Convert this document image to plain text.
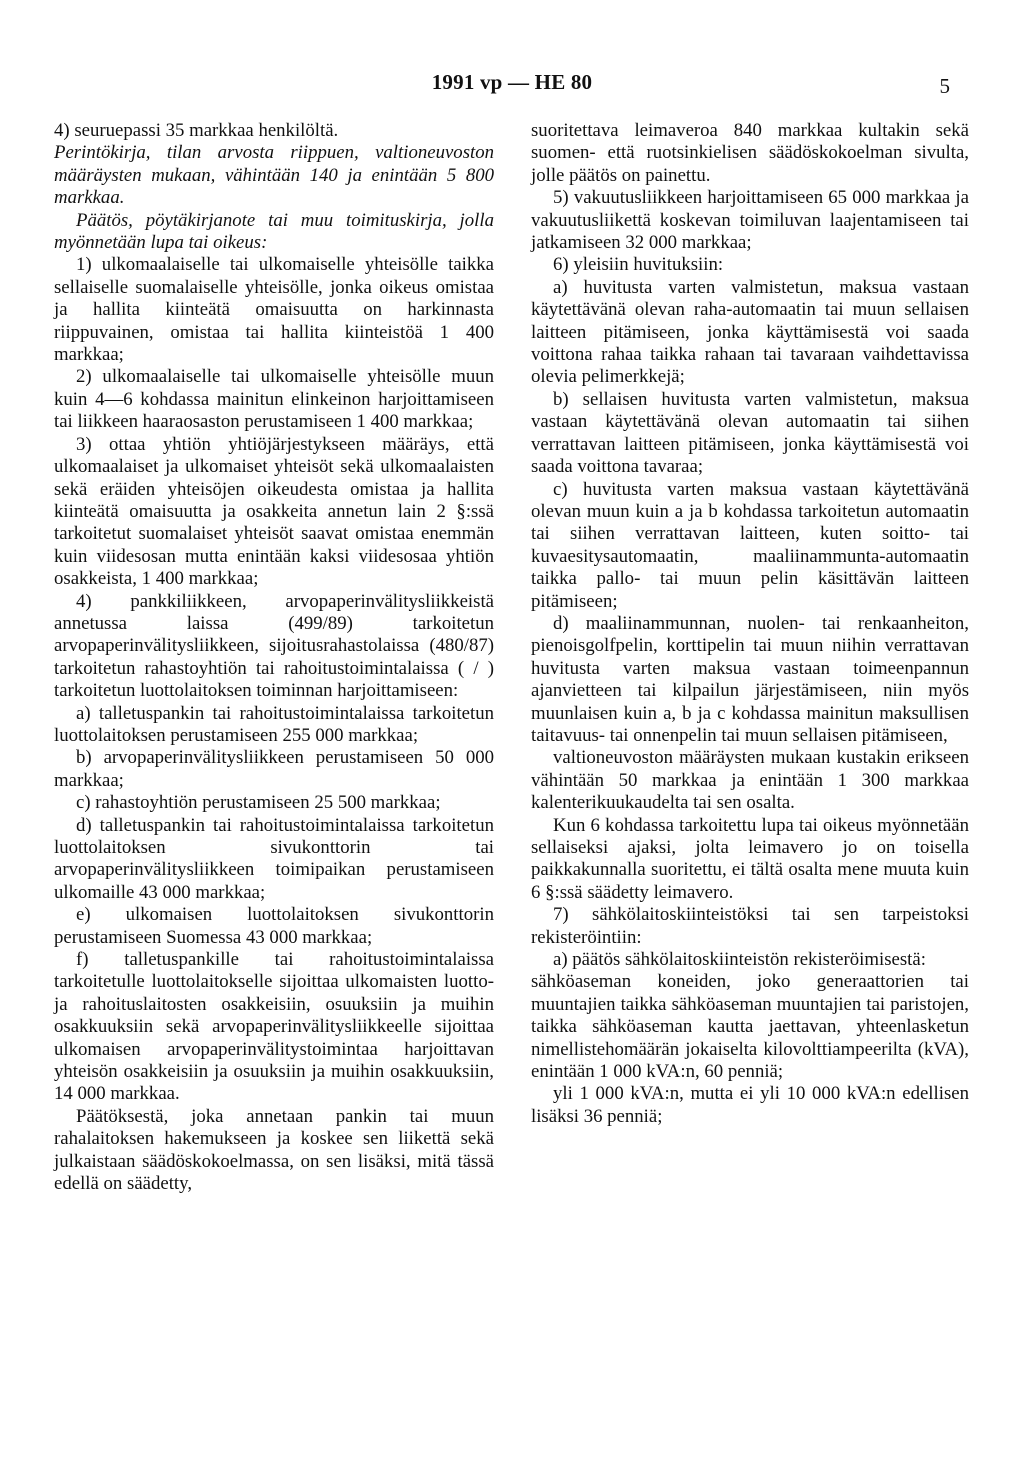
1991 vp — HE 80	5

4) seuruepassi 35 markkaa henkilöltä.

Perintökirja, tilan arvosta riippuen, valtioneuvoston määräysten mukaan, vähintään 140 ja enintään 5 800 markkaa.

Päätös, pöytäkirjanote tai muu toimituskirja, jolla myönnetään lupa tai oikeus:

1) ulkomaalaiselle tai ulkomaiselle yhteisölle taikka sellaiselle suomalaiselle yhteisölle, jonka oikeus omistaa ja hallita kiinteätä omaisuutta on harkinnasta riippuvainen, omistaa tai hallita kiinteistöä 1 400 markkaa;

2) ulkomaalaiselle tai ulkomaiselle yhteisölle muun kuin 4—6 kohdassa mainitun elinkeinon harjoittamiseen tai liikkeen haaraosaston perustamiseen 1 400 markkaa;

3) ottaa yhtiön yhtiöjärjestykseen määräys, että ulkomaalaiset ja ulkomaiset yhteisöt sekä ulkomaalaisten sekä eräiden yhteisöjen oikeudesta omistaa ja hallita kiinteätä omaisuutta ja osakkeita annetun lain 2 §:ssä tarkoitetut suomalaiset yhteisöt saavat omistaa enemmän kuin viidesosan mutta enintään kaksi viidesosaa yhtiön osakkeista, 1 400 markkaa;

4) pankkiliikkeen, arvopaperinvälitysliikkeistä annetussa laissa (499/89) tarkoitetun arvopaperinvälitysliikkeen, sijoitusrahastolaissa (480/87) tarkoitetun rahastoyhtiön tai rahoitustoimintalaissa ( / ) tarkoitetun luottolaitoksen toiminnan harjoittamiseen:

a) talletuspankin tai rahoitustoimintalaissa tarkoitetun luottolaitoksen perustamiseen 255 000 markkaa;

b) arvopaperinvälitysliikkeen perustamiseen 50 000 markkaa;

c) rahastoyhtiön perustamiseen 25 500 markkaa;

d) talletuspankin tai rahoitustoimintalaissa tarkoitetun luottolaitoksen sivukonttorin tai arvopaperinvälitysliikkeen toimipaikan perustamiseen ulkomaille 43 000 markkaa;

e) ulkomaisen luottolaitoksen sivukonttorin perustamiseen Suomessa 43 000 markkaa;

f) talletuspankille tai rahoitustoimintalaissa tarkoitetulle luottolaitokselle sijoittaa ulkomaisten luotto- ja rahoituslaitosten osakkeisiin, osuuksiin ja muihin osakkuuksiin sekä arvopaperinvälitysliikkeelle sijoittaa ulkomaisen arvopaperinvälitystoimintaa harjoittavan yhteisön osakkeisiin ja osuuksiin ja muihin osakkuuksiin, 14 000 markkaa.

Päätöksestä, joka annetaan pankin tai muun rahalaitoksen hakemukseen ja koskee sen liikettä sekä julkaistaan säädöskokoelmassa, on sen lisäksi, mitä tässä edellä on säädetty,

suoritettava leimaveroa 840 markkaa kultakin sekä suomen- että ruotsinkielisen säädöskokoelman sivulta, jolle päätös on painettu.

5) vakuutusliikkeen harjoittamiseen 65 000 markkaa ja vakuutusliikettä koskevan toimiluvan laajentamiseen tai jatkamiseen 32 000 markkaa;

6) yleisiin huvituksiin:

a) huvitusta varten valmistetun, maksua vastaan käytettävänä olevan raha-automaatin tai muun sellaisen laitteen pitämiseen, jonka käyttämisestä voi saada voittona rahaa taikka rahaan tai tavaraan vaihdettavissa olevia pelimerkkejä;

b) sellaisen huvitusta varten valmistetun, maksua vastaan käytettävänä olevan automaatin tai siihen verrattavan laitteen pitämiseen, jonka käyttämisestä voi saada voittona tavaraa;

c) huvitusta varten maksua vastaan käytettävänä olevan muun kuin a ja b kohdassa tarkoitetun automaatin tai siihen verrattavan laitteen, kuten soitto- tai kuvaesitysautomaatin, maaliinammunta-automaatin taikka pallo- tai muun pelin käsittävän laitteen pitämiseen;

d) maaliinammunnan, nuolen- tai renkaanheiton, pienoisgolfpelin, korttipelin tai muun niihin verrattavan huvitusta varten maksua vastaan toimeenpannun ajanvietteen tai kilpailun järjestämiseen, niin myös muunlaisen kuin a, b ja c kohdassa mainitun maksullisen taitavuus- tai onnenpelin tai muun sellaisen pitämiseen,

valtioneuvoston määräysten mukaan kustakin erikseen vähintään 50 markkaa ja enintään 1 300 markkaa kalenterikuukaudelta tai sen osalta.

Kun 6 kohdassa tarkoitettu lupa tai oikeus myönnetään sellaiseksi ajaksi, jolta leimavero jo on toisella paikkakunnalla suoritettu, ei tältä osalta mene muuta kuin 6 §:ssä säädetty leimavero.

7) sähkölaitoskiinteistöksi tai sen tarpeistoksi rekisteröintiin:

a) päätös sähkölaitoskiinteistön rekisteröimisestä:

sähköaseman koneiden, joko generaattorien tai muuntajien taikka sähköaseman muuntajien tai paristojen, taikka sähköaseman kautta jaettavan, yhteenlasketun nimellistehomäärän jokaiselta kilovolttiampeerilta (kVA), enintään 1 000 kVA:n, 60 penniä;

yli 1 000 kVA:n, mutta ei yli 10 000 kVA:n edellisen lisäksi 36 penniä;
